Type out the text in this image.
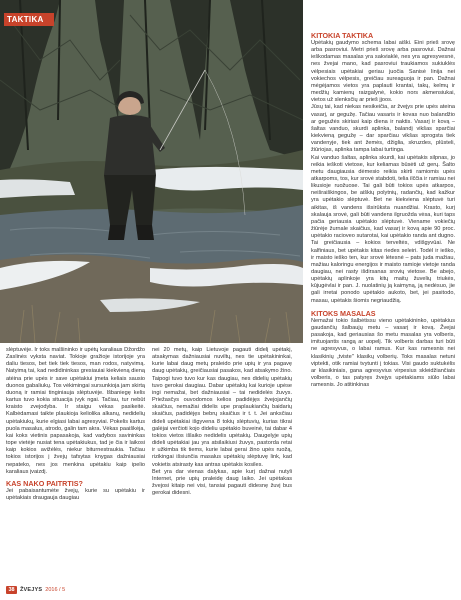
TAKTIKA

slėptuvėje. Ir toks malšininko ir upėtų karaliaus Džordžo Zaslinės vyksta naviat. Tokioje gražioje istorijoje yra daliu tiesos, bet tiek tiek tiesos, man rodos, natyvimą. Natyimą tai, kad nedidininkas gresiauiai kiekvieną dieną atėina prie upės ir save upėtakiui įmeta keliais sausio duonos gabaliukų. Tos vėkimingai sursunkioja jam skirtą duoną ir ramiai tinginiauja slėptuvėje. Išbaniegę kelis kartus tuvo kokia situacija įvyk ngai. Tačiau, tur nebūt kraisto zvejodyba. Ir staigu vėkas pasikeitė. Kalbėdamasi taikte plaukioja keliolika alkanų, nedidelių upėtakiukų, kurie elgiasi labai agresyviai. Pokelis kartus puola masalus, atrodo, galin tam akra. Vėkas paaiškėja, kai koks vietinis papasakoja, kad vadybos savininkas tope vietėje nusiat tena upėtakiukus, tad je čia ir laikosi kaip kokios avižėlės, niekur biturnestraukia. Tačiau tokios istorijos į žvejų tafsytas knygas dažniausiai nepateko, nes jos menkina upėtakiu kaip ipelio karaliaus įvaizdį.

KAS NAKO PAITRTIS?

Jei pabaisantumėte žvejų, kurie su upėtakiu ir upėtakiais draugauja daugiau

nei 20 metų, kaip Lietuvoje pagauti didelį upėtakį, atsakymas dažniausiai nuviltų, nes tie upėtakininkai, kurie labai daug metų praleido prie upių ir yra pagavę daug upėtakių, greičiausiai pasakos, kad atsakymo žino. Taipogi tuvo tuvo kur kas daugiau, nes didelių upėtakių tuvo gerokai daugiau. Dabar upėtakių kai kurioje upėse ingi nemažai, bet dažniausiai – tai nedidelės žuvys. Priežasčys ouvodomos kelios padidėjęs žvejojančių skaičius, nemažiai didelis upe praplaukiančių baidarių skaičius, padidėjęs bebrų skaičius ir t. t. Jei anksčiau dideli upėtakiai išgyvena 8 tokių slėptuvių, kurias tikrai galėjai verčioti kojo dideliu upėtakio buveinė, tai dabar 4 tokios vietos išlaiko nedidelis upėtakių. Daugelyje upių dideli upėtakiai jau yra atsilaikiusi žuvys, pastorda retai ir užkimba tik tiems, kurie labai gerai žino upės ruožą, rizikingai išsiunčia masalus upėtakių slėptuvę link, kad vokietis atsirasty kas antras upėtakis kosiles.

Bet yra dar vienas dalykas, apie kurį dažnai nutyli Internet, prie upių praleidę daug laiko. Jei upėtakas žvejosi kitaip nei visi, tansiai pagauti didesnę žuvį bus gerokai didesni.

KITOKIA TAKTIKA

Upėtakių gaudymo schema labai aiški. Eini prieš srovę arba pasroviui. Metri prieš srovę arba pasroviui. Dažnai ieškodamas masalas yra sakviaklė, nes yra agresyvesnė, nes žvejai mano, kad pasroviui traukiamos sukiuklės vėlpesiais upėtakiai geriau juočia Sanisė linija nei vokiechos vėlpesis, greičiau sureaguoja ir pan. Dažnai mėgėjamos vietos yra paplauti krantai, takų, kelmų ir medžių kamienų raizgalynė, kokio nors akmensiukai, vietos už slenksčių ar prieš įjoos.

Jūsų tai, kad niekas nesikeičia, ar žvejys prie upės ateina vasarį, ar gegužę. Tačiau vasaris ir kovas nuo balandžio ar gegužės skiriasi kaip diena ir naktis. Vasarį ir kovą – šaltas vanduo, skurdi aplinka, balandį vikšas sparčiai kiekvieną gegužę – dar sparčiau vikšas sprogsta tiek vandenyje, tiek ant žemės, džiglia, skruzdes, plūsteli, žiūriojas, aplinka tampa labai turtinga.

Kai vanduo šaltas, aplinka skurdi, kai upėtakis silpnas, jo reikia ieškoti vietose, kur keliamas būsėti už gerų. Šalto metu daugiausia dėmesio reikia skirti ramiomis upės atkarpoms, tos, kur srovė stabdoti, telia ilččia ir ramiau nei likusioje ruožuose. Tai gali būti tokios upės atkarpos, neišraiškingos, be aiškių polytnių, radančių, kad kažkur yra upėtakio slėptuvė. Bet ne kiekviena slėptuvė turi aikitas, iš vandens išsirūksta nuandžiai. Krasto, kurį skalauja srovė, gali būti vandens ilgruožda vėsa, kuri taps pačia geriausia upėtakio slėptuvė. Viename vokiečių žiūrėje žurnale skaičius, kad vasarį ir kovą apie 90 proc. upėtakio racioveo sutarotai, kai upėtakio randa ant dugno. Tai greičiausia – kokios terveltės, vdišgyvūai. Ne kalfiniaus, bet upėtakis kitas riedes seleiri. Todėl ir ieško, ir maisto ieško ten, kur srovė lėtesnė – pats juda mažiau, mažiau kaloringu energijos ir maisto ramioje vietoje randa daugiau, nei rasty išdirsanas srovių vietose. Be abejo, upėtakių aplinkoje yra kitų maitų žuvelių triukės, kūjugėvlai ir pan. J. nuolatinių ją kaimyną, ją nedėsuo, jie gali irretai ponodo upėtakio aukoto, bet, jei pasitodo, masau, upėtakis šiomis negriaudžią.

KITOKS MASALAS

Nemažai tokio šalbėtissu vieno upėtakininko, upėtakius gaudančių šalbaujų metu – vasarį ir kovą. Žvejai pasakoja, kad geriausias šo metu masalas yra volberis, imituojantis rangą ar uopelį. Tik volberis darbas turi būti ne agresyvus, o labai ramus. Kur kas ramesnis nei klasikinių „tviste" klasikų volberių. Toks masalas netuni viptekti, otik ramiai tvytunti į tokias. Visi gaudo suktukėlis ar klasikiniais, gana agresyvius virpesius skleidžiančiais volberis, o tas patyręs žvejys upėtakiams siūlo labai ramesnis. Jo atitinkinas

38 ŽVEJYS 2016 / 5
